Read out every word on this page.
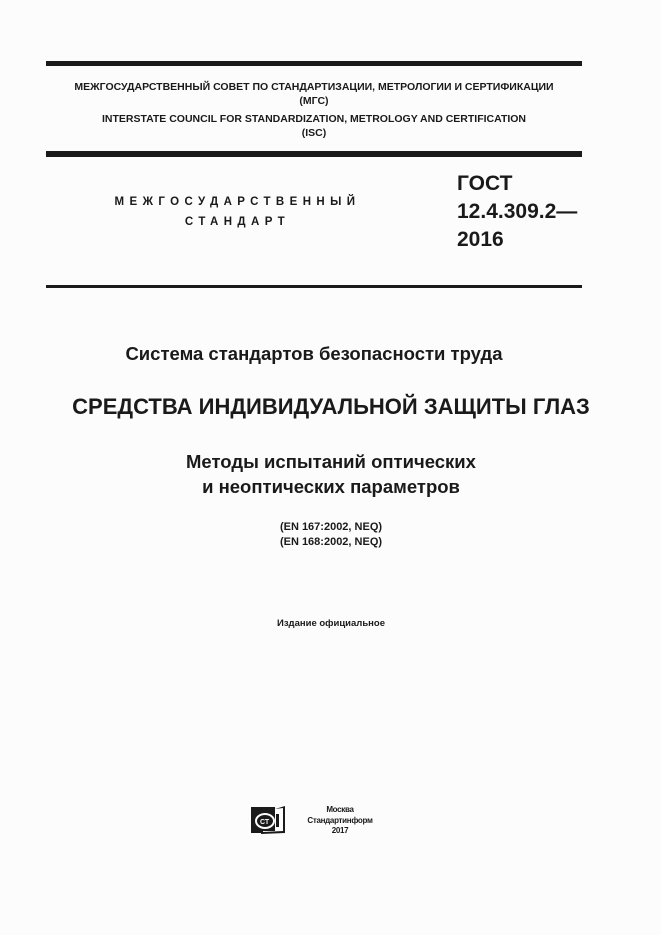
МЕЖГОСУДАРСТВЕННЫЙ СОВЕТ ПО СТАНДАРТИЗАЦИИ, МЕТРОЛОГИИ И СЕРТИФИКАЦИИ
(МГС)
INTERSTATE COUNCIL FOR STANDARDIZATION, METROLOGY AND CERTIFICATION
(ISC)
МЕЖГОСУДАРСТВЕННЫЙ
СТАНДАРТ
ГОСТ
12.4.309.2—
2016
Система стандартов безопасности труда
СРЕДСТВА ИНДИВИДУАЛЬНОЙ ЗАЩИТЫ ГЛАЗ
Методы испытаний оптических
и неоптических параметров
(EN 167:2002, NEQ)
(EN 168:2002, NEQ)
Издание официальное
СТ
Москва
Стандартинформ
2017
